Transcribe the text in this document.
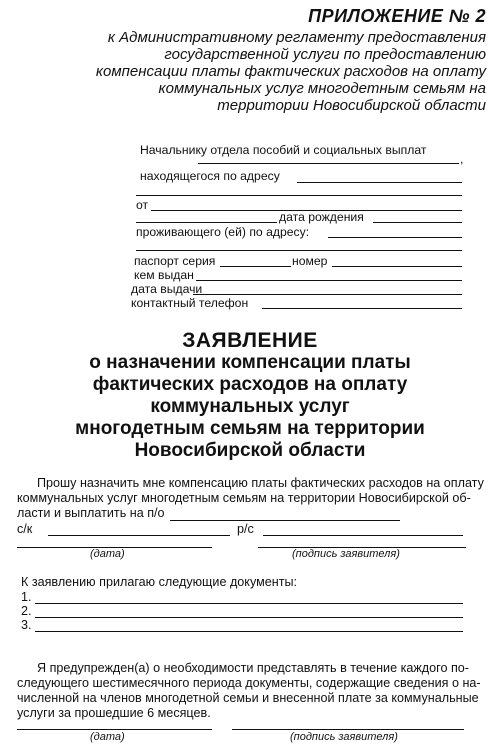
ПРИЛОЖЕНИЕ № 2
к Административному регламенту предоставления
государственной услуги по предоставлению
компенсации платы фактических расходов на оплату
коммунальных услуг многодетным семьям на
территории Новосибирской области
Начальнику отдела пособий и социальных выплат
,
находящегося по адресу
от
дата рождения
проживающего (ей) по адресу:
паспорт серия	номер
кем выдан
дата выдачи
контактный телефон
ЗАЯВЛЕНИЕ
о назначении компенсации платы
фактических расходов на оплату
коммунальных услуг
многодетным семьям на территории
Новосибирской области
Прошу назначить мне компенсацию платы фактических расходов на оплату
коммунальных услуг многодетным семьям на территории Новосибирской об-
ласти и выплатить на п/о
с/к	р/с
(дата)	(подпись заявителя)
К заявлению прилагаю следующие документы:
1.
2.
3.
Я предупрежден(а) о необходимости представлять в течение каждого по-
следующего шестимесячного периода документы, содержащие сведения о на-
численной на членов многодетной семьи и внесенной плате за коммунальные
услуги за прошедшие 6 месяцев.
(дата)	(подпись заявителя)
